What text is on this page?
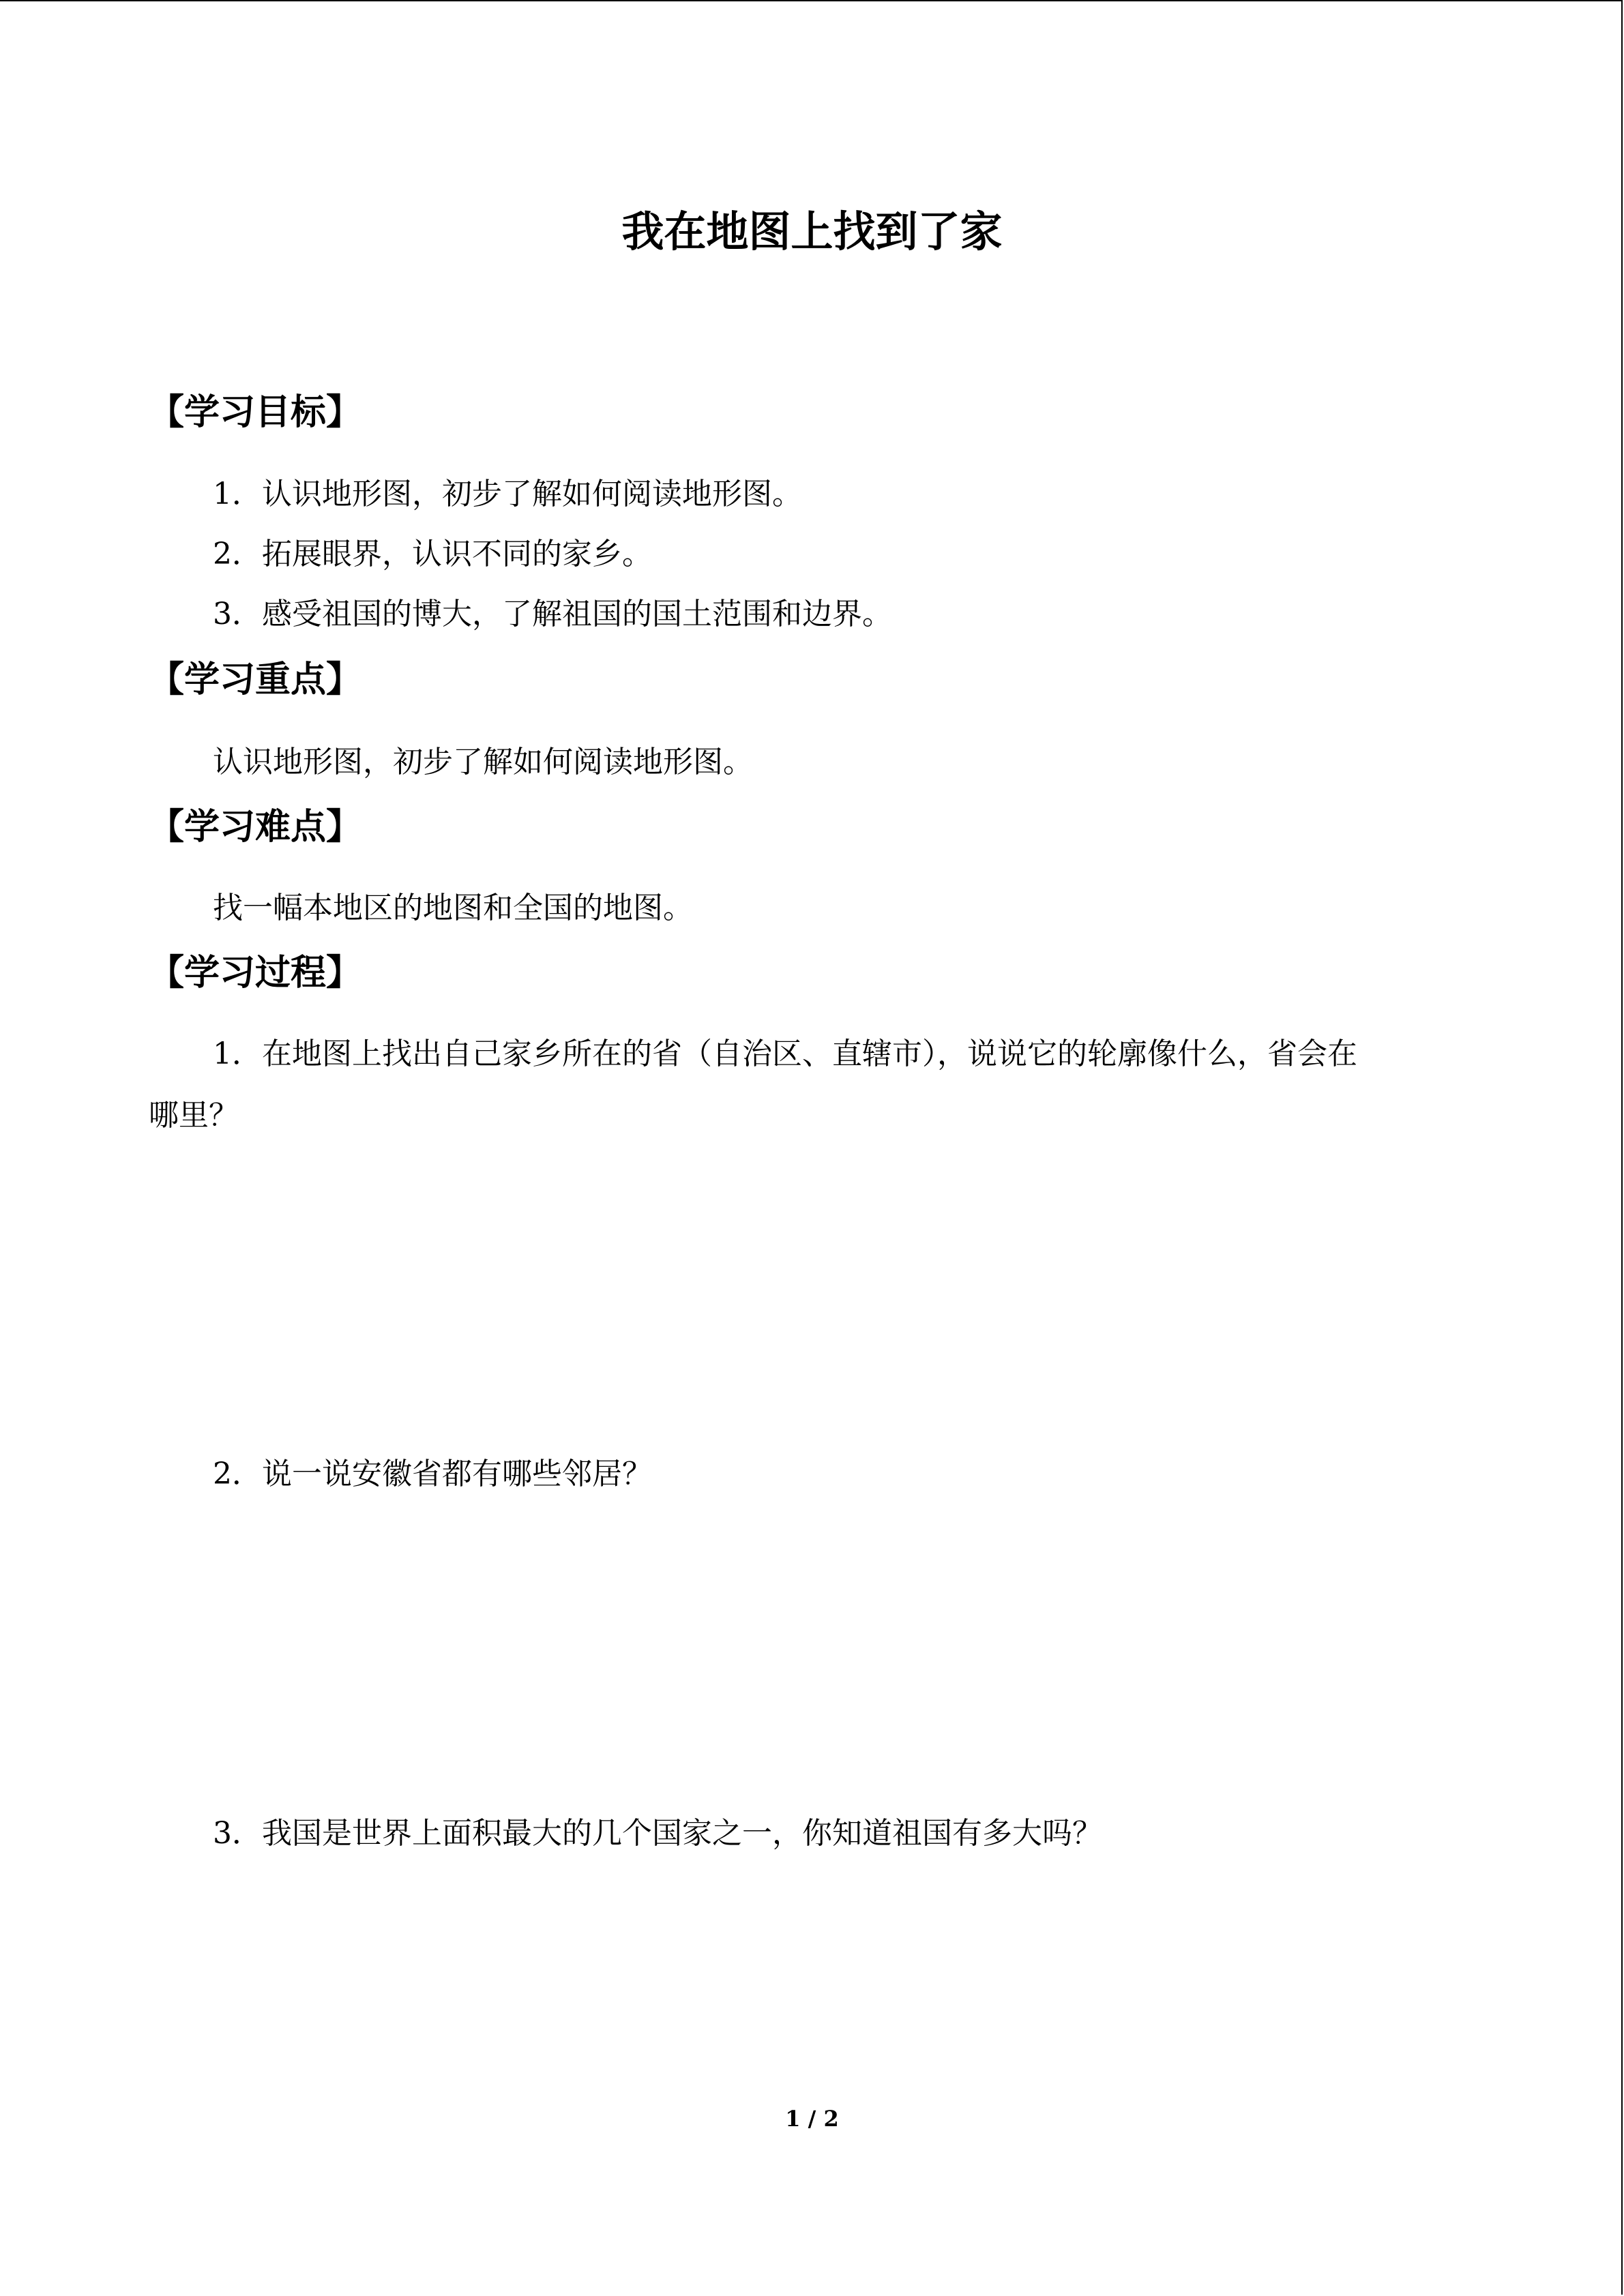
我在地图上找到了家
【学习目标】
1．认识地形图，初步了解如何阅读地形图。
2．拓展眼界，认识不同的家乡。
3．感受祖国的博大，了解祖国的国土范围和边界。
【学习重点】
认识地形图，初步了解如何阅读地形图。
【学习难点】
找一幅本地区的地图和全国的地图。
【学习过程】
1．在地图上找出自己家乡所在的省（自治区、直辖市），说说它的轮廓像什么，省会在
哪里？
2．说一说安徽省都有哪些邻居？
3．我国是世界上面积最大的几个国家之一，你知道祖国有多大吗？
1 / 2
